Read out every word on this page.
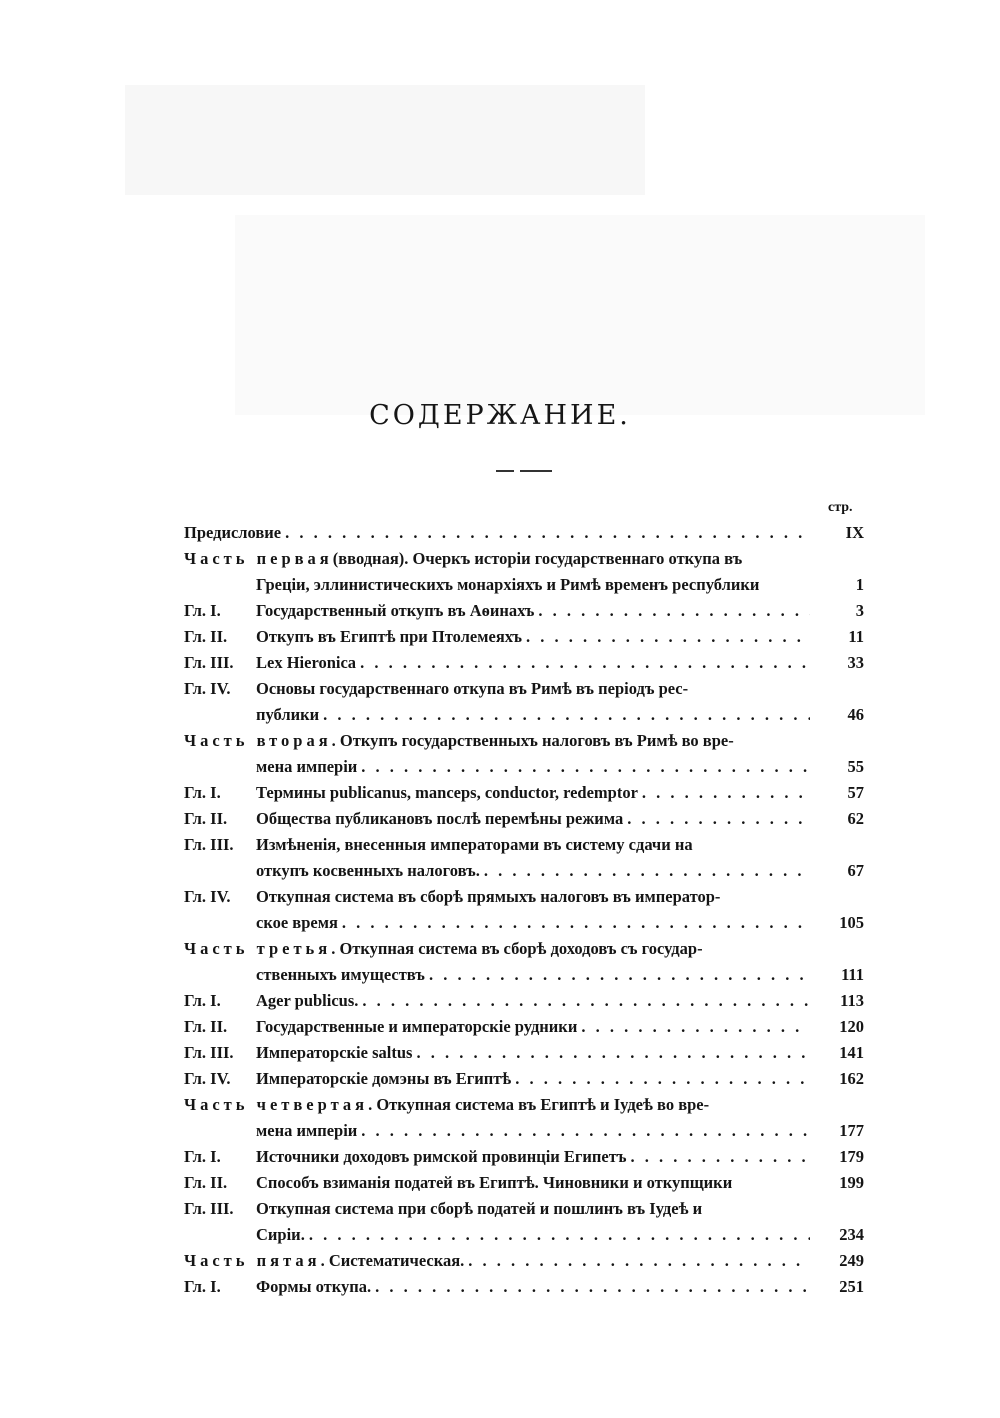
СОДЕРЖАНИЕ.
стр.
Предисловие . . .	IX
Часть первая(вводная). Очеркъ исторіи государственнаго откупа въ
Греціи, эллинистическихъ монархіяхъ и Римѣ временъ республики	1
Гл. I.Государственный откупъ въ Аѳинахъ . . .	3
Гл. II.Откупъ въ Египтѣ при Птолемеяхъ . . .	11
Гл. III.Lex Hieronica . . .	33
Гл. IV.Основы государственнаго откупа въ Римѣ въ періодъ рес-
публики . . .	46
Часть вторая. Откупъ государственныхъ налоговъ въ Римѣ во вре-
мена имперіи . . .	55
Гл. I.Термины publicanus, manceps, conductor, redemptor . . .	57
Гл. II.Общества публикановъ послѣ перемѣны режима . . .	62
Гл. III.Измѣненія, внесенныя императорами въ систему сдачи на
откупъ косвенныхъ налоговъ. . . .	67
Гл. IV.Откупная система въ сборѣ прямыхъ налоговъ въ император-
ское время . . .	105
Часть третья. Откупная система въ сборѣ доходовъ съ государ-
ственныхъ имуществъ . . .	111
Гл. I.Ager publicus. . . .	113
Гл. II.Государственные и императорскіе рудники . . .	120
Гл. III.Императорскіе saltus . . .	141
Гл. IV.Императорскіе домэны въ Египтѣ . . .	162
Часть четвертая. Откупная система въ Египтѣ и Іудеѣ во вре-
мена имперіи . . .	177
Гл. I.Источники доходовъ римской провинціи Египетъ . . .	179
Гл. II.Способъ взиманія податей въ Египтѣ. Чиновники и откупщики	199
Гл. III.Откупная система при сборѣ податей и пошлинъ въ Іудеѣ и
Сиріи. . . .	234
Часть пятая. Систематическая. . . .	249
Гл. I.Формы откупа. . . .	251
